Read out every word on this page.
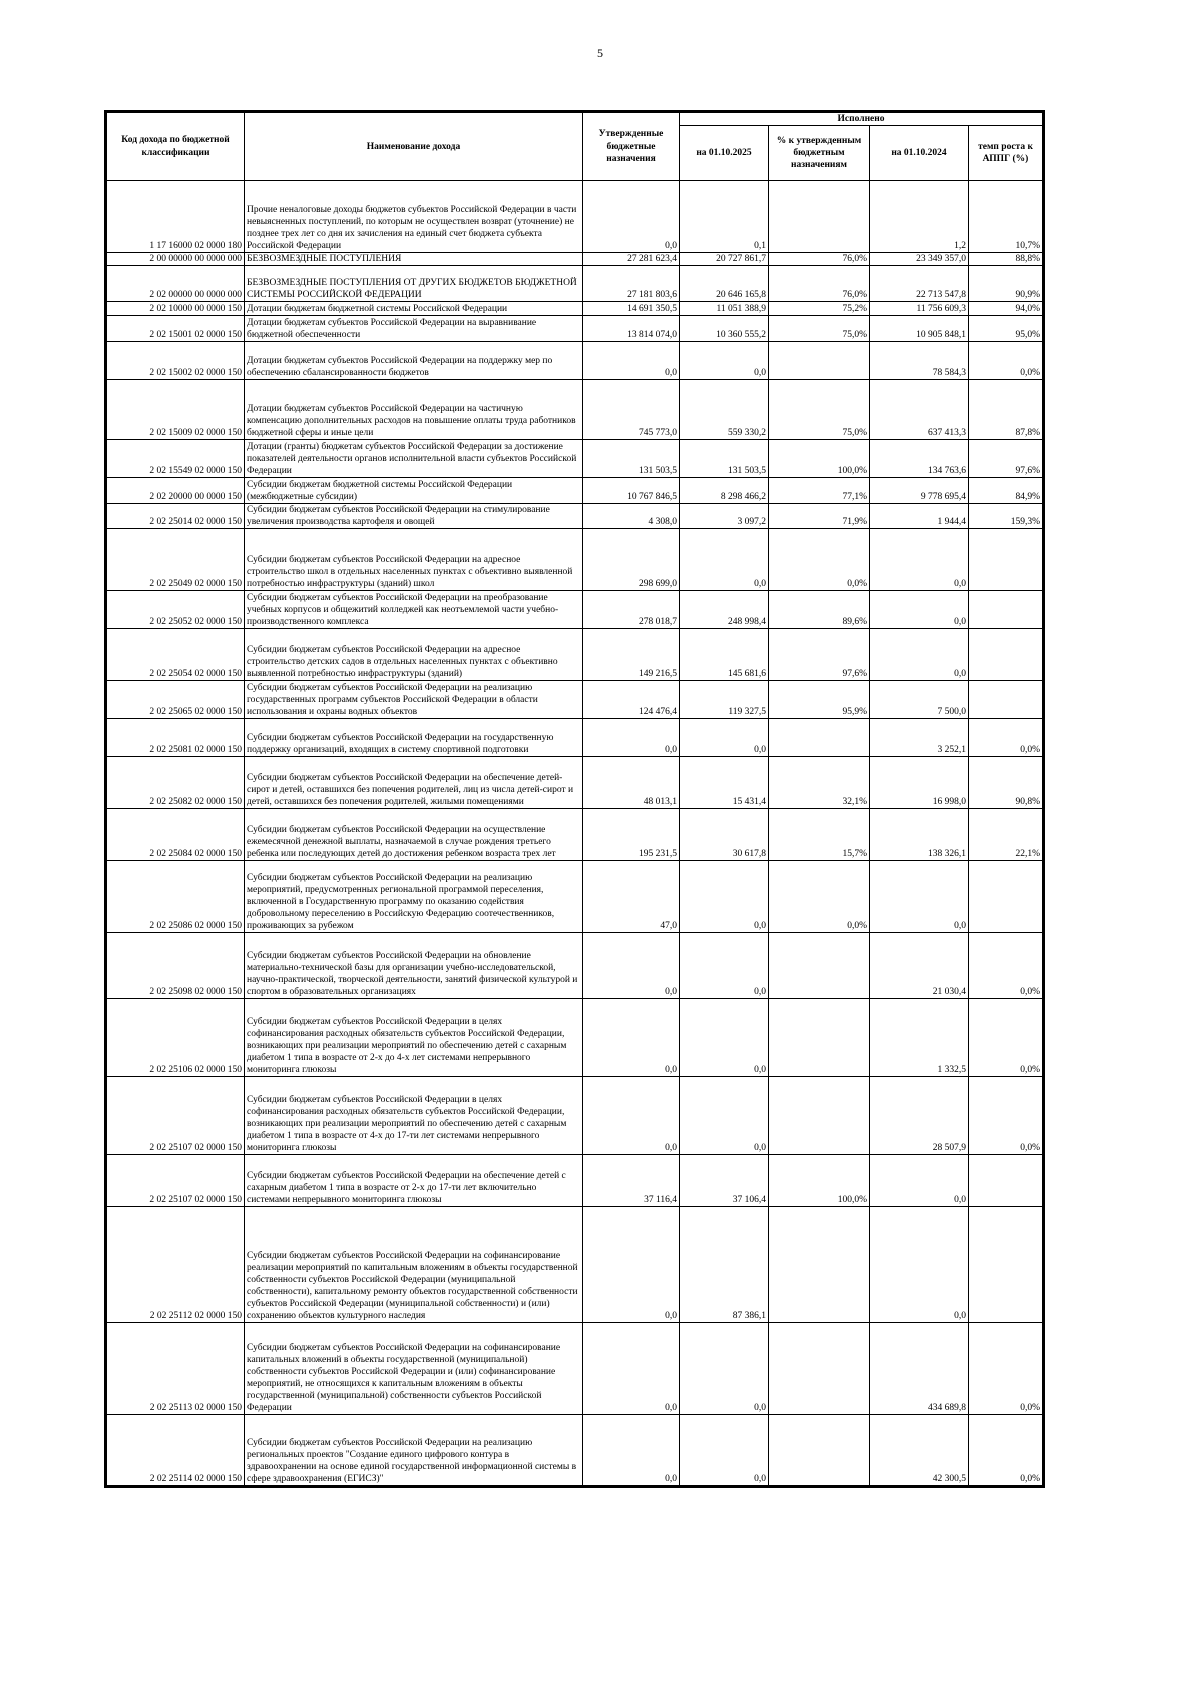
5
Код дохода по бюджетной классификации	Наименование дохода	Утвержденные бюджетные назначения	Исполнено			
			на 01.10.2025	% к утвержденным бюджетным назначениям	на 01.10.2024	темп роста к АППГ (%)
1 17 16000 02 0000 180	Прочие неналоговые доходы бюджетов субъектов Российской Федерации в части невыясненных поступлений, по которым не осуществлен возврат (уточнение) не позднее трех лет со дня их зачисления на единый счет бюджета субъекта Российской Федерации	0,0	0,1		1,2	10,7%
2 00 00000 00 0000 000	БЕЗВОЗМЕЗДНЫЕ ПОСТУПЛЕНИЯ	27 281 623,4	20 727 861,7	76,0%	23 349 357,0	88,8%
2 02 00000 00 0000 000	БЕЗВОЗМЕЗДНЫЕ ПОСТУПЛЕНИЯ ОТ ДРУГИХ БЮДЖЕТОВ БЮДЖЕТНОЙ СИСТЕМЫ РОССИЙСКОЙ ФЕДЕРАЦИИ	27 181 803,6	20 646 165,8	76,0%	22 713 547,8	90,9%
2 02 10000 00 0000 150	Дотации бюджетам бюджетной системы Российской Федерации	14 691 350,5	11 051 388,9	75,2%	11 756 609,3	94,0%
2 02 15001 02 0000 150	Дотации бюджетам субъектов Российской Федерации на выравнивание бюджетной обеспеченности	13 814 074,0	10 360 555,2	75,0%	10 905 848,1	95,0%
2 02 15002 02 0000 150	Дотации бюджетам субъектов Российской Федерации на поддержку мер по обеспечению сбалансированности бюджетов	0,0	0,0		78 584,3	0,0%
2 02 15009 02 0000 150	Дотации бюджетам субъектов Российской Федерации на частичную компенсацию дополнительных расходов на повышение оплаты труда работников бюджетной сферы и иные цели	745 773,0	559 330,2	75,0%	637 413,3	87,8%
2 02 15549 02 0000 150	Дотации (гранты) бюджетам субъектов Российской Федерации за достижение показателей деятельности органов исполнительной власти субъектов Российской Федерации	131 503,5	131 503,5	100,0%	134 763,6	97,6%
2 02 20000 00 0000 150	Субсидии бюджетам бюджетной системы Российской Федерации (межбюджетные субсидии)	10 767 846,5	8 298 466,2	77,1%	9 778 695,4	84,9%
2 02 25014 02 0000 150	Субсидии бюджетам субъектов Российской Федерации на стимулирование увеличения производства картофеля и овощей	4 308,0	3 097,2	71,9%	1 944,4	159,3%
2 02 25049 02 0000 150	Субсидии бюджетам субъектов Российской Федерации на адресное строительство школ в отдельных населенных пунктах с объективно выявленной потребностью инфраструктуры (зданий) школ	298 699,0	0,0	0,0%	0,0	
2 02 25052 02 0000 150	Субсидии бюджетам субъектов Российской Федерации на преобразование учебных корпусов и общежитий колледжей как неотъемлемой части учебно-производственного комплекса	278 018,7	248 998,4	89,6%	0,0	
2 02 25054 02 0000 150	Субсидии бюджетам субъектов Российской Федерации на адресное строительство детских садов в отдельных населенных пунктах с объективно выявленной потребностью инфраструктуры (зданий)	149 216,5	145 681,6	97,6%	0,0	
2 02 25065 02 0000 150	Субсидии бюджетам субъектов Российской Федерации на реализацию государственных программ субъектов Российской Федерации в области использования и охраны водных объектов	124 476,4	119 327,5	95,9%	7 500,0	
2 02 25081 02 0000 150	Субсидии бюджетам субъектов Российской Федерации на государственную поддержку организаций, входящих в систему спортивной подготовки	0,0	0,0		3 252,1	0,0%
2 02 25082 02 0000 150	Субсидии бюджетам субъектов Российской Федерации на обеспечение детей-сирот и детей, оставшихся без попечения родителей, лиц из числа детей-сирот и детей, оставшихся без попечения родителей, жилыми помещениями	48 013,1	15 431,4	32,1%	16 998,0	90,8%
2 02 25084 02 0000 150	Субсидии бюджетам субъектов Российской Федерации на осуществление ежемесячной денежной выплаты, назначаемой в случае рождения третьего ребенка или последующих детей до достижения ребенком возраста трех лет	195 231,5	30 617,8	15,7%	138 326,1	22,1%
2 02 25086 02 0000 150	Субсидии бюджетам субъектов Российской Федерации на реализацию мероприятий, предусмотренных региональной программой переселения, включенной в Государственную программу по оказанию содействия добровольному переселению в Российскую Федерацию соотечественников, проживающих за рубежом	47,0	0,0	0,0%	0,0	
2 02 25098 02 0000 150	Субсидии бюджетам субъектов Российской Федерации на обновление материально-технической базы для организации учебно-исследовательской, научно-практической, творческой деятельности, занятий физической культурой и спортом в образовательных организациях	0,0	0,0		21 030,4	0,0%
2 02 25106 02 0000 150	Субсидии бюджетам субъектов Российской Федерации в целях софинансирования расходных обязательств субъектов Российской Федерации, возникающих при реализации мероприятий по обеспечению детей с сахарным диабетом 1 типа в возрасте от 2-х до 4-х лет системами непрерывного мониторинга глюкозы	0,0	0,0		1 332,5	0,0%
2 02 25107 02 0000 150	Субсидии бюджетам субъектов Российской Федерации в целях софинансирования расходных обязательств субъектов Российской Федерации, возникающих при реализации мероприятий по обеспечению детей с сахарным диабетом 1 типа в возрасте от 4-х до 17-ти лет системами непрерывного мониторинга глюкозы	0,0	0,0		28 507,9	0,0%
2 02 25107 02 0000 150	Субсидии бюджетам субъектов Российской Федерации на обеспечение детей с сахарным диабетом 1 типа в возрасте от 2-х до 17-ти лет включительно системами непрерывного мониторинга глюкозы	37 116,4	37 106,4	100,0%	0,0	
2 02 25112 02 0000 150	Субсидии бюджетам субъектов Российской Федерации на софинансирование реализации мероприятий по капитальным вложениям в объекты государственной собственности субъектов Российской Федерации (муниципальной собственности), капитальному ремонту объектов государственной собственности субъектов Российской Федерации (муниципальной собственности) и (или) сохранению объектов культурного наследия	0,0	87 386,1		0,0	
2 02 25113 02 0000 150	Субсидии бюджетам субъектов Российской Федерации на софинансирование капитальных вложений в объекты государственной (муниципальной) собственности субъектов Российской Федерации и (или) софинансирование мероприятий, не относящихся к капитальным вложениям в объекты государственной (муниципальной) собственности субъектов Российской Федерации	0,0	0,0		434 689,8	0,0%
2 02 25114 02 0000 150	Субсидии бюджетам субъектов Российской Федерации на реализацию региональных проектов "Создание единого цифрового контура в здравоохранении на основе единой государственной информационной системы в сфере здравоохранения (ЕГИСЗ)"	0,0	0,0		42 300,5	0,0%
